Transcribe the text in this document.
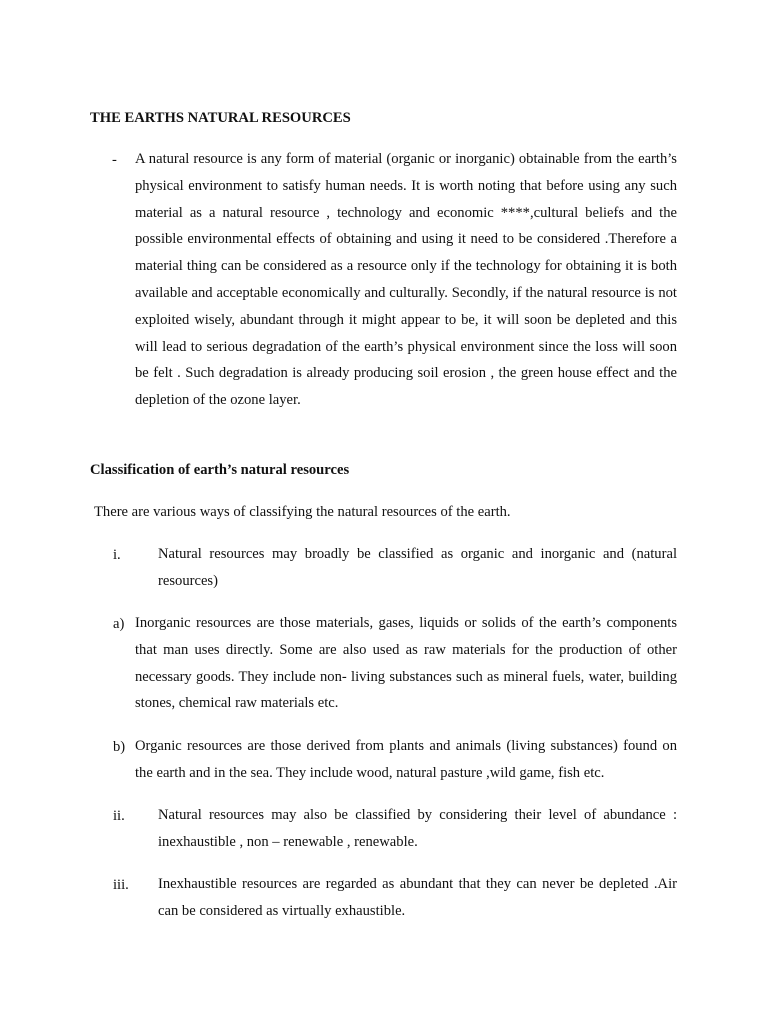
THE EARTHS NATURAL RESOURCES
- A natural resource is any form of material (organic or inorganic) obtainable from the earth’s physical environment to satisfy human needs. It is worth noting that before using any such material as a natural resource , technology and economic ****,cultural beliefs and the possible environmental effects of obtaining and using it need to be considered .Therefore a material thing can be considered as a resource only if the technology for obtaining it is both available and acceptable economically and culturally. Secondly, if the natural resource is not exploited wisely, abundant through it might appear to be, it will soon be depleted and this will lead to serious degradation of the earth’s physical environment since the loss will soon be felt . Such degradation is already producing soil erosion , the green house effect and the depletion of the ozone layer.

Classification of earth’s natural resources

There are various ways of classifying the natural resources of the earth.

i.	Natural resources may broadly be classified as organic and inorganic and (natural resources)

a) Inorganic resources are those materials, gases, liquids or solids of the earth’s components that man uses directly. Some are also used as raw materials for the production of other necessary goods. They include non- living substances such as mineral fuels, water, building stones, chemical raw materials etc.

b) Organic resources are those derived from plants and animals (living substances) found on the earth and in the sea. They include wood, natural pasture ,wild game, fish etc.

ii. Natural resources may also be classified by considering their level of abundance : inexhaustible , non – renewable , renewable.

iii. Inexhaustible resources are regarded as abundant that they can never be depleted .Air can be considered as virtually exhaustible.
